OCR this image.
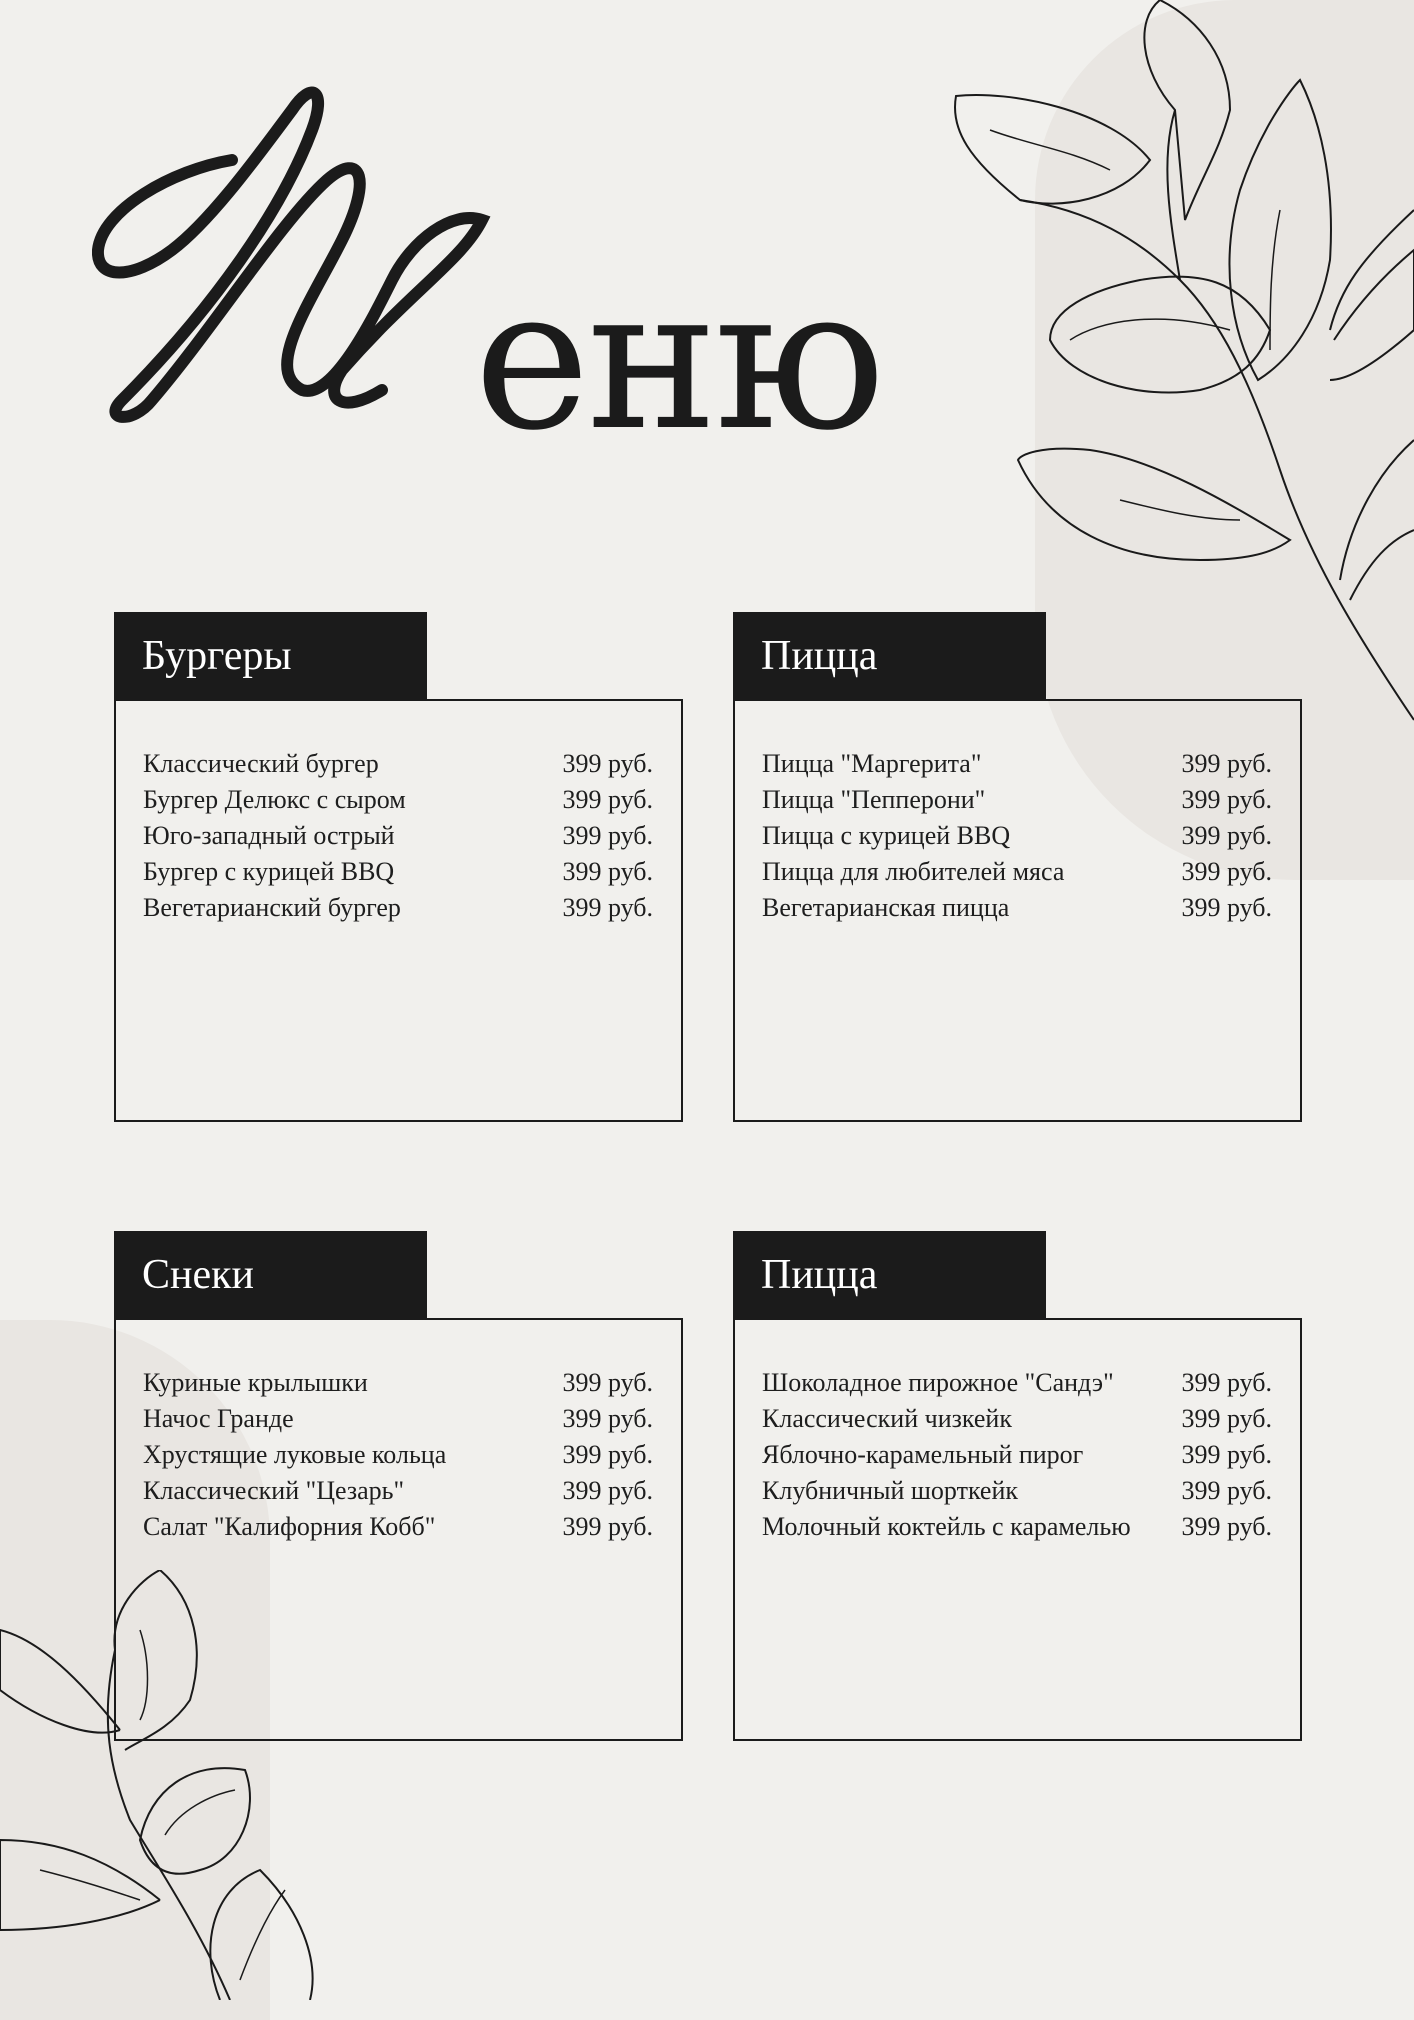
еню
Бургеры
Классический бургер	399 руб.
Бургер Делюкс с сыром	399 руб.
Юго-западный острый	399 руб.
Бургер с курицей BBQ	399 руб.
Вегетарианский бургер	399 руб.
Пицца
Пицца "Маргерита"	399 руб.
Пицца "Пепперони"	399 руб.
Пицца с курицей BBQ	399 руб.
Пицца для любителей мяса	399 руб.
Вегетарианская пицца	399 руб.
Снеки
Куриные крылышки	399 руб.
Начос Гранде	399 руб.
Хрустящие луковые кольца	399 руб.
Классический "Цезарь"	399 руб.
Салат "Калифорния Кобб"	399 руб.
Пицца
Шоколадное пирожное "Сандэ"	399 руб.
Классический чизкейк	399 руб.
Яблочно-карамельный пирог	399 руб.
Клубничный шорткейк	399 руб.
Молочный коктейль с карамелью 399 руб.
